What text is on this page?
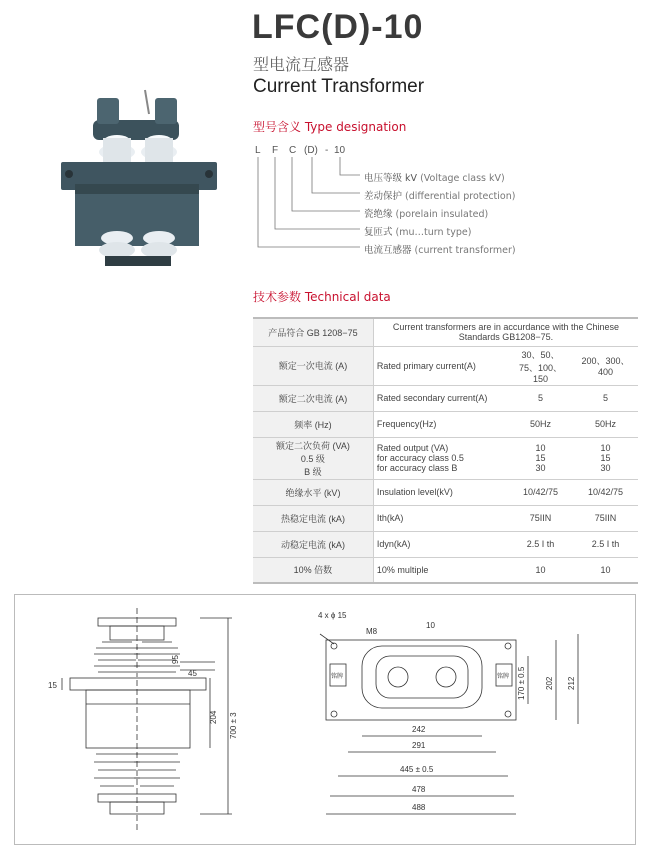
LFC(D)-10
型电流互感器
Current Transformer
型号含义 Type designation
L F C (D) - 10
电压等级 kV (Voltage class kV)
差动保护 (differential protection)
瓷绝缘 (porelain insulated)
复匝式 (mu…turn type)
电流互感器 (current transformer)
技术参数 Technical data
产品符合 GB 1208−75	Current transformers are in accurdance with the Chinese Standards GB1208−75.		
额定一次电流 (A)	Rated primary current(A)	30、50、
75、100、
150	200、300、
400
额定二次电流 (A)	Rated secondary current(A)	5	5
频率 (Hz)	Frequency(Hz)	50Hz	50Hz
额定二次负荷 (VA)
0.5 级
B 级	Rated output (VA)
for accuracy class 0.5
for accuracy class B	10
15
30	10
15
30
绝缘水平 (kV)	Insulation level(kV)	10/42/75	10/42/75
热稳定电流 (kA)	Ith(kA)	75IIN	75IIN
动稳定电流 (kA)	Idyn(kA)	2.5 I th	2.5 I th
10% 倍数	10% multiple	10	10
15
45
95
204 700 ± 3
4 x ϕ 15
M8
10
242
291
445 ± 0.5
478
488
170 ± 0.5 202 212
铭牌	铭牌
